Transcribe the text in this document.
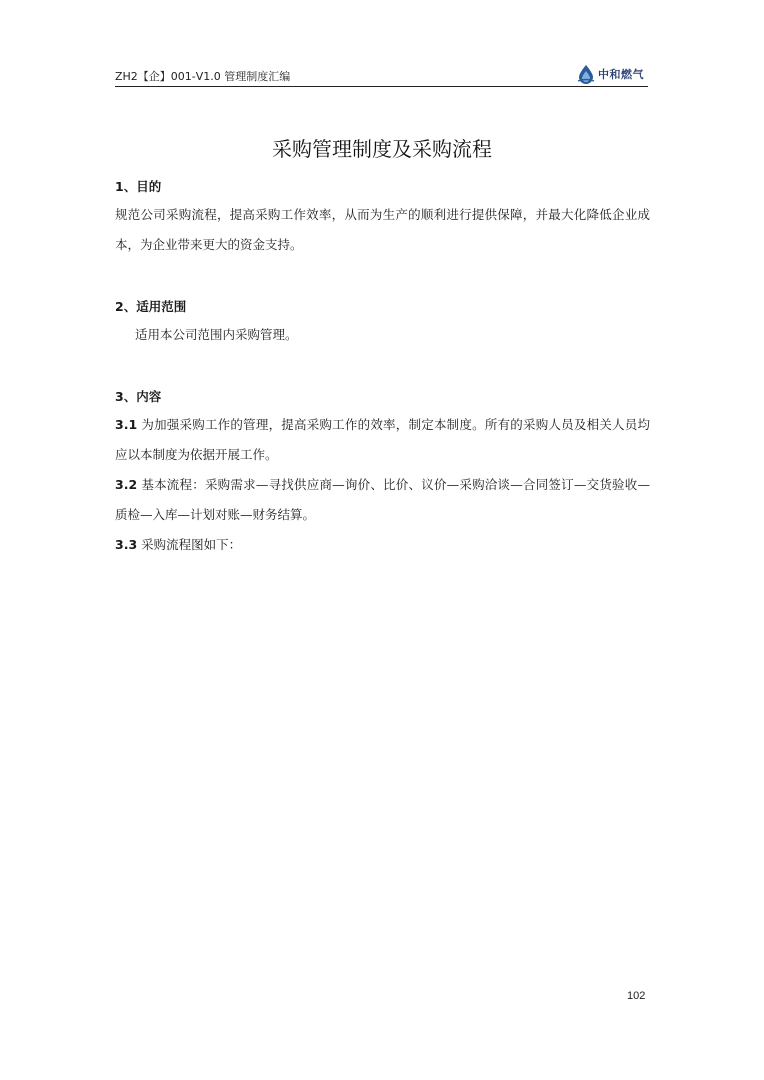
ZH2【企】001-V1.0 管理制度汇编	中和燃气
采购管理制度及采购流程
1、目的
规范公司采购流程，提高采购工作效率，从而为生产的顺利进行提供保障，并最大化降低企业成本，为企业带来更大的资金支持。
2、适用范围
适用本公司范围内采购管理。
3、内容
3.1 为加强采购工作的管理，提高采购工作的效率，制定本制度。所有的采购人员及相关人员均应以本制度为依据开展工作。
3.2 基本流程：采购需求—寻找供应商—询价、比价、议价—采购洽谈—合同签订—交货验收—质检—入库—计划对账—财务结算。
3.3 采购流程图如下：
102
